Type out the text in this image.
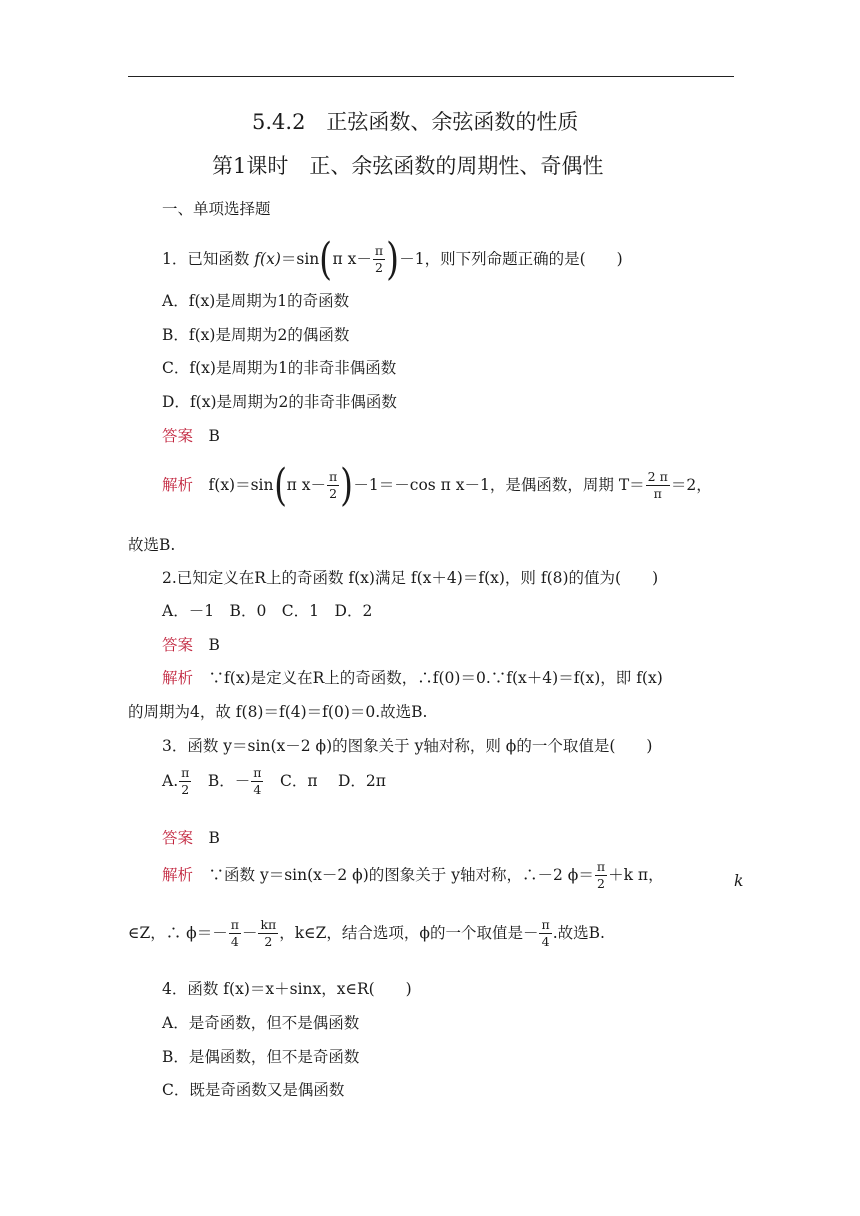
5.4.2　正弦函数、余弦函数的性质
第1课时　正、余弦函数的周期性、奇偶性
一、单项选择题
1．已知函数 f(x)＝sin(π $x- \frac{\pi}{2} )-1$，则下列命题正确的是(　　)
A．f(x)是周期为1的奇函数
B．f(x)是周期为2的偶函数
C．f(x)是周期为1的非奇非偶函数
D．f(x)是周期为2的非奇非偶函数
答案　 B
解析　 f(x)＝sin(π $x- \frac{\pi}{2} )-1=-\cos$ π x－1，是偶函数，周期 $T= \frac{2 \pi}{\pi} =2$，
故选B.
2.已知定义在R上的奇函数 f(x)满足 f(x＋4)＝f(x)，则 f(8)的值为(　　)
A．－1　B．0　C．1　D．2
答案　 B
解析　 ∵f(x)是定义在R上的奇函数，∴f(0)＝0.∵f(x＋4)＝f(x)，即 f(x)
的周期为4，故 f(8)＝f(4)＝f(0)＝0.故选B.
3．函数 y＝sin(x－2 ϕ)的图象关于 y轴对称，则 ϕ的一个取值是(　　)
A. $\frac{\pi}{2}$
　 B．－ $\frac{\pi}{4}$
　 C．π　 D．2π
答案　 B
解析　 ∵函数 y＝sin(x－2 ϕ)的图象关于 y轴对称，∴－2 $\phi= \frac{\pi}{2} +k$ π，	k
∈Z，∴ $\phi=- \frac{\pi}{4} - \frac{k\pi}{2}$ ，k∈Z，结合选项，ϕ的一个取值是－ $\frac{\pi}{4}$ .故选B.
4．函数 f(x)＝x＋sinx，x∈R(　　)
A．是奇函数，但不是偶函数
B．是偶函数，但不是奇函数
C．既是奇函数又是偶函数
